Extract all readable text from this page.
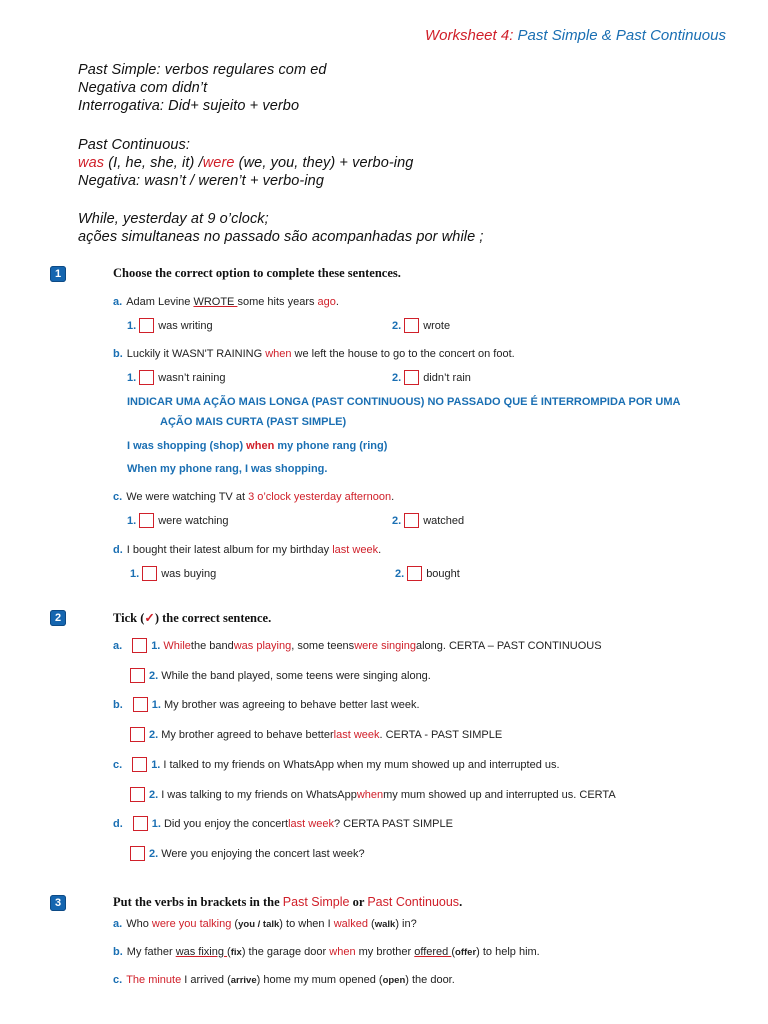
Worksheet 4: Past Simple & Past Continuous
Past Simple: verbos regulares com ed
Negativa com didn’t
Interrogativa: Did+ sujeito + verbo
Past Continuous:
was (I, he, she, it) /were (we, you, they) + verbo-ing
Negativa: wasn’t / weren’t + verbo-ing
While, yesterday at 9 o’clock;
ações simultaneas no passado são acompanhadas por while ;
1	Choose the correct option to complete these sentences.
a. Adam Levine WROTE some hits years ago.
1. was writing	2. wrote
b. Luckily it WASN'T RAINING when we left the house to go to the concert on foot.
1. wasn’t raining	2. didn’t rain
INDICAR UMA AÇÃO MAIS LONGA (PAST CONTINUOUS) NO PASSADO QUE É INTERROMPIDA POR UMA
AÇÃO MAIS CURTA (PAST SIMPLE)
I was shopping (shop) when my phone rang (ring)
When my phone rang, I was shopping.
c. We were watching TV at 3 o’clock yesterday afternoon.
1. were watching	2. watched
d. I bought their latest album for my birthday last week.
1. was buying	2. bought
2	Tick (✓) the correct sentence.
a.	1. While the band was playing , some teens were singing along. CERTA – PAST CONTINUOUS
2. While the band played, some teens were singing along.
b.	1. My brother was agreeing to behave better last week.
2. My brother agreed to behave better last week . CERTA - PAST SIMPLE
c.	1. I talked to my friends on WhatsApp when my mum showed up and interrupted us.
2. I was talking to my friends on WhatsApp when my mum showed up and interrupted us. CERTA
d.	1. Did you enjoy the concert last week ? CERTA PAST SIMPLE
2. Were you enjoying the concert last week?
3	Put the verbs in brackets in the Past Simple or Past Continuous.
a. Who were you talking (you / talk) to when I walked (walk) in?
b. My father was fixing (fix) the garage door when my brother offered (offer) to help him.
c. The minute I arrived (arrive) home my mum opened (open) the door.
